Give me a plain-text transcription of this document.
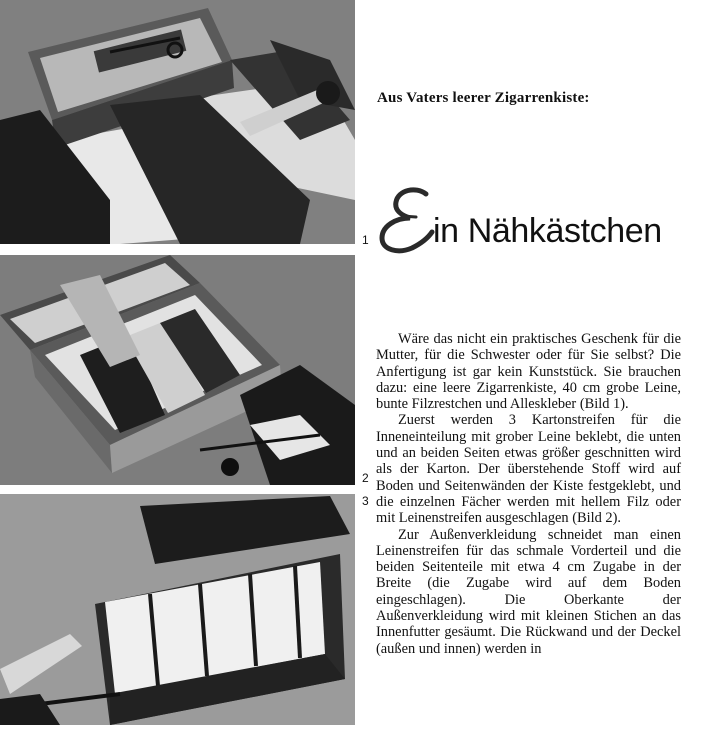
1
2
3
Aus Vaters leerer Zigarrenkiste:
in Nähkästchen

Wäre das nicht ein praktisches Geschenk für die Mutter, für die Schwester oder für Sie selbst? Die Anfertigung ist gar kein Kunststück. Sie brauchen dazu: eine leere Zigarrenkiste, 40 cm grobe Leine, bunte Filzrestchen und Alleskleber (Bild 1).

Zuerst werden 3 Kartonstreifen für die Inneneinteilung mit grober Leine beklebt, die unten und an beiden Seiten etwas größer geschnitten wird als der Karton. Der überstehende Stoff wird auf Boden und Seitenwänden der Kiste festgeklebt, und die einzelnen Fächer werden mit hellem Filz oder mit Leinenstreifen ausgeschlagen (Bild 2).

Zur Außenverkleidung schneidet man einen Leinenstreifen für das schmale Vorderteil und die beiden Seitenteile mit etwa 4 cm Zugabe in der Breite (die Zugabe wird auf dem Boden eingeschlagen). Die Oberkante der Außenverkleidung wird mit kleinen Stichen an das Innenfutter gesäumt. Die Rückwand und der Deckel (außen und innen) werden in
